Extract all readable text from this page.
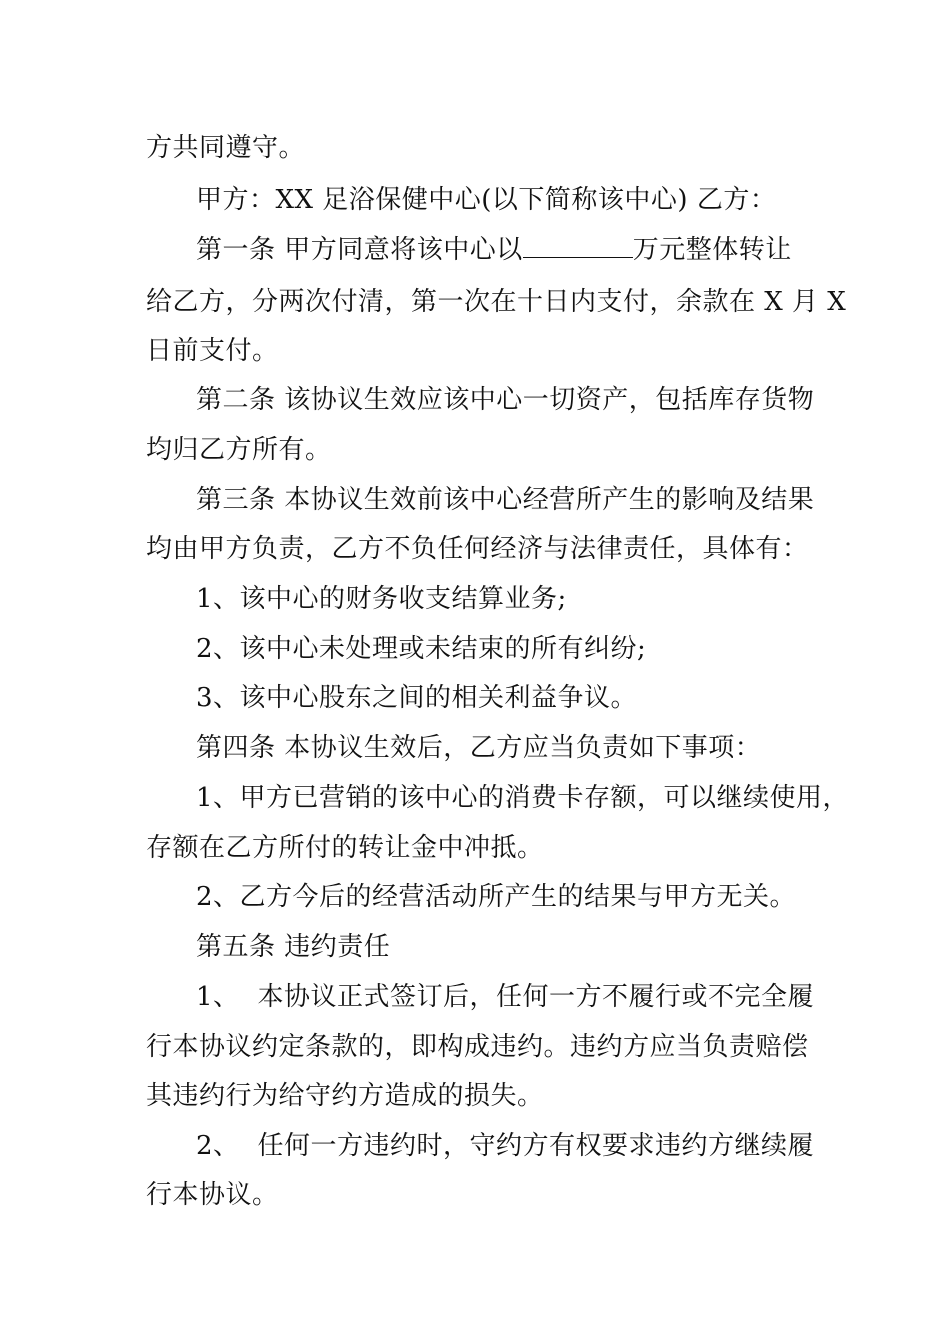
方共同遵守。
甲方：XX 足浴保健中心(以下简称该中心) 乙方：
第一条 甲方同意将该中心以	万元整体转让
给乙方，分两次付清，第一次在十日内支付，余款在 X 月 X
日前支付。
第二条 该协议生效应该中心一切资产，包括库存货物
均归乙方所有。
第三条 本协议生效前该中心经营所产生的影响及结果
均由甲方负责，乙方不负任何经济与法律责任，具体有：
1、该中心的财务收支结算业务;
2、该中心未处理或未结束的所有纠纷;
3、该中心股东之间的相关利益争议。
第四条 本协议生效后，乙方应当负责如下事项：
1、甲方已营销的该中心的消费卡存额，可以继续使用，
存额在乙方所付的转让金中冲抵。
2、乙方今后的经营活动所产生的结果与甲方无关。
第五条 违约责任
1、 本协议正式签订后，任何一方不履行或不完全履
行本协议约定条款的，即构成违约。违约方应当负责赔偿
其违约行为给守约方造成的损失。
2、 任何一方违约时，守约方有权要求违约方继续履
行本协议。
